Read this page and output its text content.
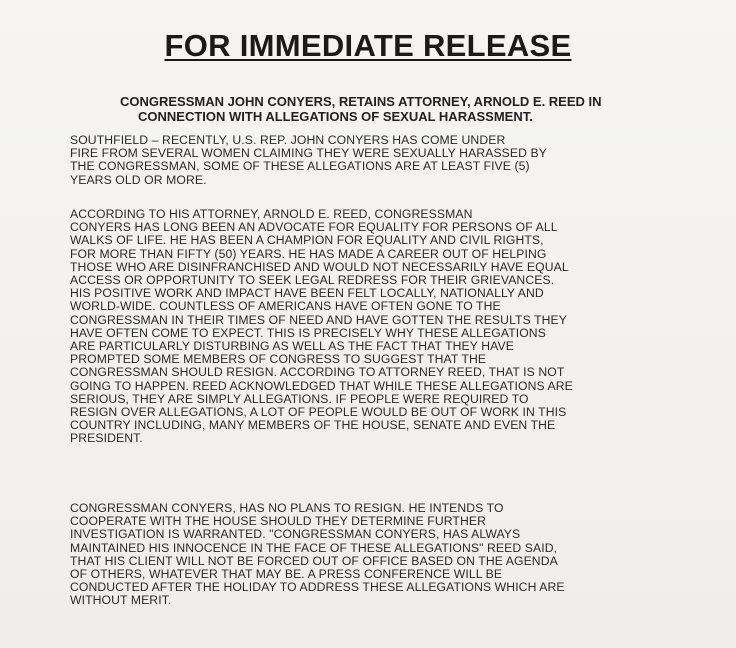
FOR IMMEDIATE RELEASE
CONGRESSMAN JOHN CONYERS, RETAINS ATTORNEY, ARNOLD E. REED IN
CONNECTION WITH ALLEGATIONS OF SEXUAL HARASSMENT.
SOUTHFIELD – RECENTLY, U.S. REP. JOHN CONYERS HAS COME UNDER
FIRE FROM SEVERAL WOMEN CLAIMING THEY WERE SEXUALLY HARASSED BY
THE CONGRESSMAN, SOME OF THESE ALLEGATIONS ARE AT LEAST FIVE (5)
YEARS OLD OR MORE.
ACCORDING TO HIS ATTORNEY, ARNOLD E. REED, CONGRESSMAN
CONYERS HAS LONG BEEN AN ADVOCATE FOR EQUALITY FOR PERSONS OF ALL
WALKS OF LIFE. HE HAS BEEN A CHAMPION FOR EQUALITY AND CIVIL RIGHTS,
FOR MORE THAN FIFTY (50) YEARS. HE HAS MADE A CAREER OUT OF HELPING
THOSE WHO ARE DISINFRANCHISED AND WOULD NOT NECESSARILY HAVE EQUAL
ACCESS OR OPPORTUNITY TO SEEK LEGAL REDRESS FOR THEIR GRIEVANCES.
HIS POSITIVE WORK AND IMPACT HAVE BEEN FELT LOCALLY, NATIONALLY AND
WORLD-WIDE. COUNTLESS OF AMERICANS HAVE OFTEN GONE TO THE
CONGRESSMAN IN THEIR TIMES OF NEED AND HAVE GOTTEN THE RESULTS THEY
HAVE OFTEN COME TO EXPECT. THIS IS PRECISELY WHY THESE ALLEGATIONS
ARE PARTICULARLY DISTURBING AS WELL AS THE FACT THAT THEY HAVE
PROMPTED SOME MEMBERS OF CONGRESS TO SUGGEST THAT THE
CONGRESSMAN SHOULD RESIGN. ACCORDING TO ATTORNEY REED, THAT IS NOT
GOING TO HAPPEN. REED ACKNOWLEDGED THAT WHILE THESE ALLEGATIONS ARE
SERIOUS, THEY ARE SIMPLY ALLEGATIONS. IF PEOPLE WERE REQUIRED TO
RESIGN OVER ALLEGATIONS, A LOT OF PEOPLE WOULD BE OUT OF WORK IN THIS
COUNTRY INCLUDING, MANY MEMBERS OF THE HOUSE, SENATE AND EVEN THE
PRESIDENT.
CONGRESSMAN CONYERS, HAS NO PLANS TO RESIGN. HE INTENDS TO
COOPERATE WITH THE HOUSE SHOULD THEY DETERMINE FURTHER
INVESTIGATION IS WARRANTED. "CONGRESSMAN CONYERS, HAS ALWAYS
MAINTAINED HIS INNOCENCE IN THE FACE OF THESE ALLEGATIONS" REED SAID,
THAT HIS CLIENT WILL NOT BE FORCED OUT OF OFFICE BASED ON THE AGENDA
OF OTHERS, WHATEVER THAT MAY BE. A PRESS CONFERENCE WILL BE
CONDUCTED AFTER THE HOLIDAY TO ADDRESS THESE ALLEGATIONS WHICH ARE
WITHOUT MERIT.
